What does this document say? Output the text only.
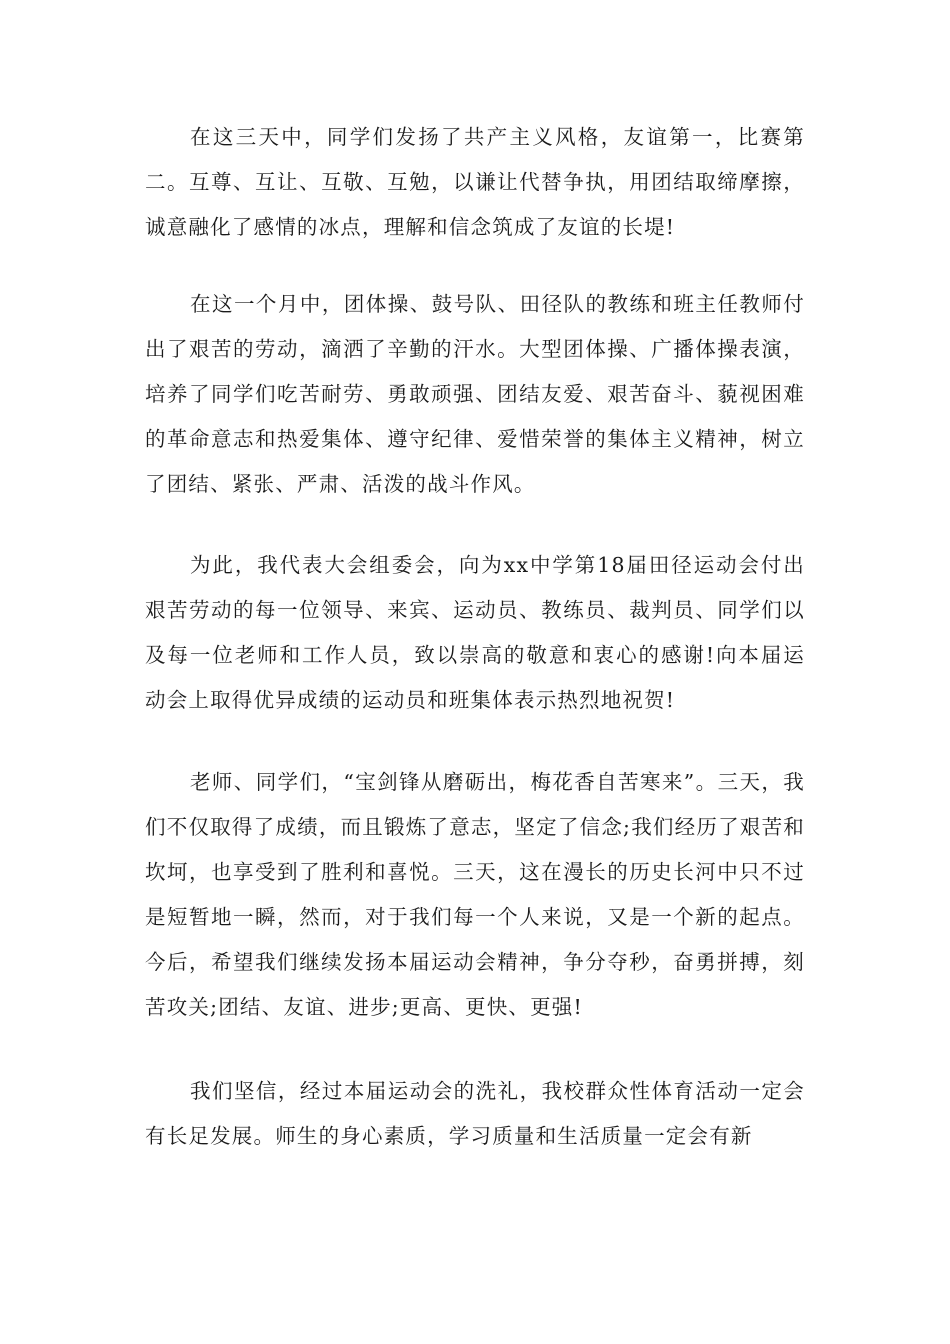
在这三天中，同学们发扬了共产主义风格，友谊第一，比赛第二。互尊、互让、互敬、互勉，以谦让代替争执，用团结取缔摩擦，诚意融化了感情的冰点，理解和信念筑成了友谊的长堤!

在这一个月中，团体操、鼓号队、田径队的教练和班主任教师付出了艰苦的劳动，滴洒了辛勤的汗水。大型团体操、广播体操表演，培养了同学们吃苦耐劳、勇敢顽强、团结友爱、艰苦奋斗、藐视困难的革命意志和热爱集体、遵守纪律、爱惜荣誉的集体主义精神，树立了团结、紧张、严肃、活泼的战斗作风。

为此，我代表大会组委会，向为xx中学第18届田径运动会付出艰苦劳动的每一位领导、来宾、运动员、教练员、裁判员、同学们以及每一位老师和工作人员，致以崇高的敬意和衷心的感谢!向本届运动会上取得优异成绩的运动员和班集体表示热烈地祝贺!

老师、同学们，“宝剑锋从磨砺出，梅花香自苦寒来”。三天，我们不仅取得了成绩，而且锻炼了意志，坚定了信念;我们经历了艰苦和坎坷，也享受到了胜利和喜悦。三天，这在漫长的历史长河中只不过是短暂地一瞬，然而，对于我们每一个人来说，又是一个新的起点。今后，希望我们继续发扬本届运动会精神，争分夺秒，奋勇拼搏，刻苦攻关;团结、友谊、进步;更高、更快、更强!

我们坚信，经过本届运动会的洗礼，我校群众性体育活动一定会有长足发展。师生的身心素质，学习质量和生活质量一定会有新
